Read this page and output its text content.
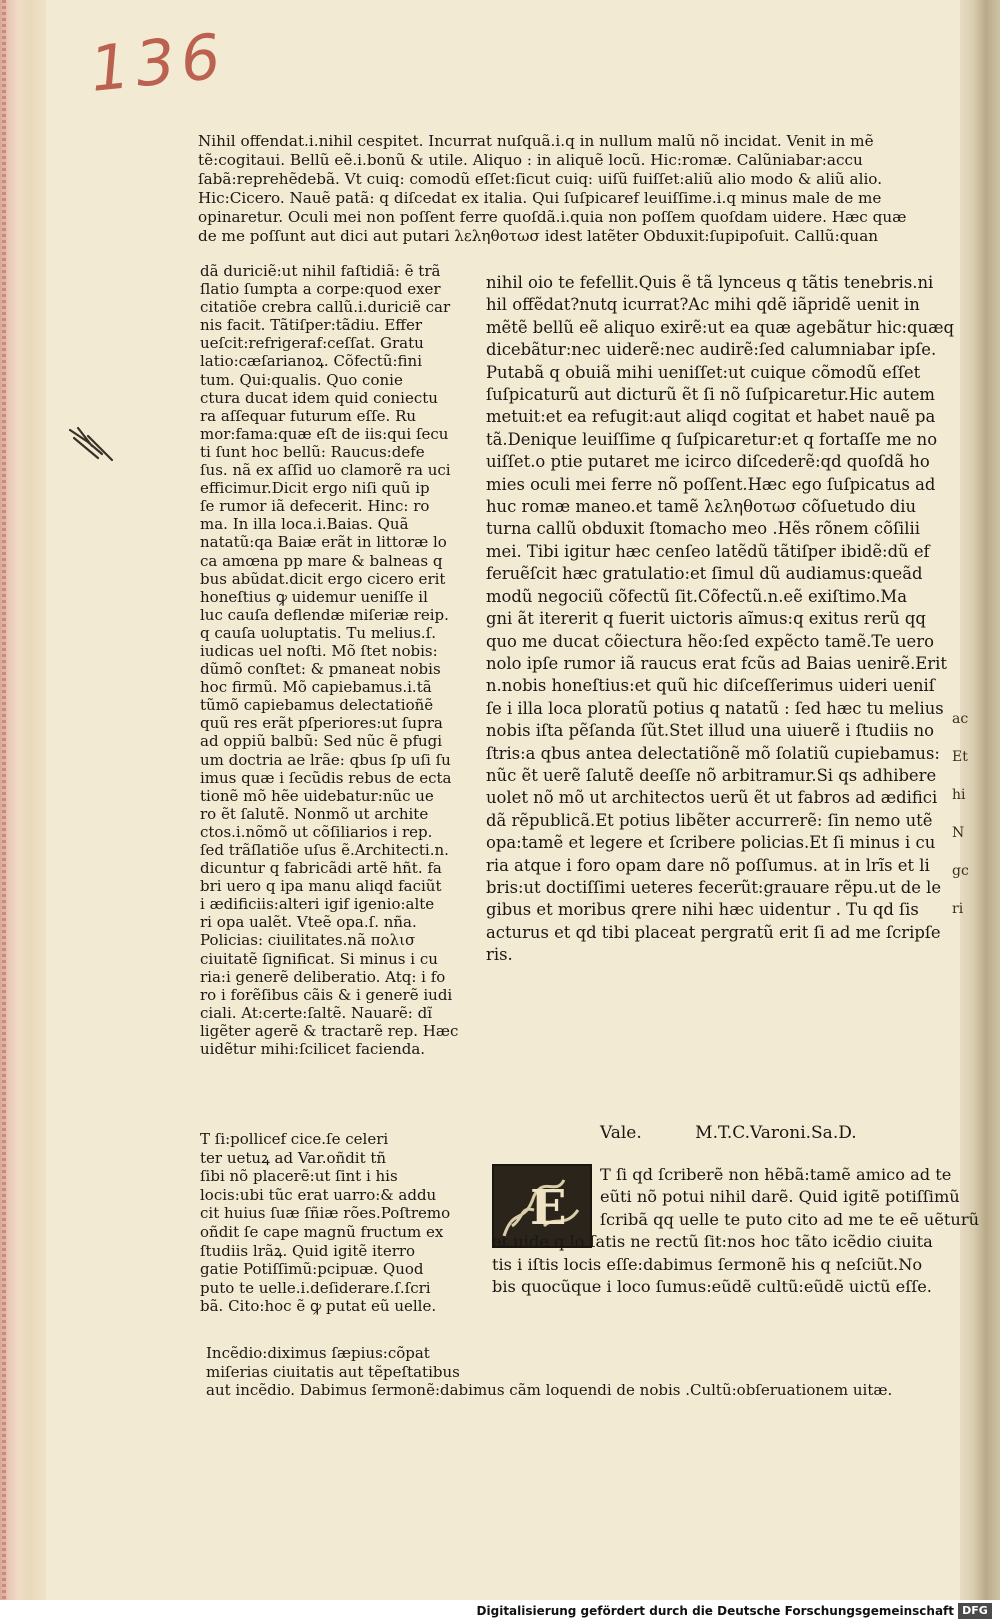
136
Nihil offendat.i.nihil cespitet. Incurrat nuſquã.i.q in nullum malũ nõ incidat. Venit in mẽ
tẽ:cogitaui. Bellũ eẽ.i.bonũ & utile. Aliquo : in aliquẽ locũ. Hic:romæ. Calũniabar:accu
ſabã:reprehẽdebã. Vt cuiq: comodũ eſſet:ſicut cuiq: uiſũ fuiſſet:aliũ alio modo & aliũ alio.
Hic:Cicero. Nauẽ patã: q diſcedat ex italia. Qui ſuſpicaref leuiſſime.i.q minus male de me
opinaretur. Oculi mei non poſſent ferre quoſdã.i.quia non poſſem quoſdam uidere. Hæc quæ
de me poſſunt aut dici aut putari λεληθοτωσ idest latẽter Obduxit:ſupipoſuit. Callũ:quan
dã duriciẽ:ut nihil faſtidiã: ẽ trã
ſlatio ſumpta a corpe:quod exer
citatiõe crebra callũ.i.duriciẽ car
nis facit. Tãtiſper:tãdiu. Effer
ueſcit:refrigeraf:ceſſat. Gratu
latio:cæſarianoꝝ. Cõfectũ:fini
tum. Qui:qualis. Quo conie
ctura ducat idem quid coniectu
ra aſſequar futurum eſſe. Ru
mor:fama:quæ eſt de iis:qui ſecu
ti ſunt hoc bellũ: Raucus:defe
ſus. nã ex aſſid uo clamorẽ ra uci
efficimur.Dicit ergo niſi quũ ip
ſe rumor iã defecerit. Hinc: ro
ma. In illa loca.i.Baias. Quã
natatũ:qa Baiæ erãt in littoræ lo
ca amœna pp mare & balneas q
bus abũdat.dicit ergo cicero erit
honeſtius ꝙ uidemur ueniſſe il
luc cauſa deflendæ miſeriæ reip.
q cauſa uoluptatis. Tu melius.ſ.
iudicas uel noſti. Mõ ſtet nobis:
dũmõ conſtet: & pmaneat nobis
hoc firmũ. Mõ capiebamus.i.tã
tũmõ capiebamus delectatioñẽ
quũ res erãt pſperiores:ut ſupra
ad oppiũ balbũ: Sed nũc ẽ pfugi
um doctria ae lrãe: qbus ſp uſi ſu
imus quæ i ſecũdis rebus de ecta
tionẽ mõ hẽe uidebatur:nũc ue
ro ẽt ſalutẽ. Nonmõ ut archite
ctos.i.nõmõ ut cõſiliarios i rep.
ſed trãſlatiõe uſus ẽ.Architecti.n.
dicuntur q fabricãdi artẽ hñt. fa
bri uero q ipa manu aliqd faciũt
i ædificiis:alteri igif igenio:alte
ri opa ualẽt. Vteẽ opa.ſ. nña.
Policias: ciuilitates.nã πολισ
ciuitatẽ ſignificat. Si minus i cu
ria:i generẽ deliberatio. Atq: i fo
ro i forẽſibus cãis & i generẽ iudi
ciali. At:certe:ſaltẽ. Nauarẽ: dĩ
ligẽter agerẽ & tractarẽ rep. Hæc
uidẽtur mihi:ſcilicet facienda.
nihil oio te fefellit.Quis ẽ tã lynceus q tãtis tenebris.ni
hil offẽdat?nutq icurrat?Ac mihi qdẽ iãpridẽ uenit in
mẽtẽ bellũ eẽ aliquo exirẽ:ut ea quæ agebãtur hic:quæq
dicebãtur:nec uiderẽ:nec audirẽ:ſed calumniabar ipſe.
Putabã q obuiã mihi ueniſſet:ut cuique cõmodũ eſſet
ſuſpicaturũ aut dicturũ ẽt ſi nõ ſuſpicaretur.Hic autem
metuit:et ea refugit:aut aliqd cogitat et habet nauẽ pa
tã.Denique leuiſſime q ſuſpicaretur:et q fortaſſe me no
uiſſet.o ptie putaret me icirco diſcederẽ:qd quoſdã ho
mies oculi mei ferre nõ poſſent.Hæc ego ſuſpicatus ad
huc romæ maneo.et tamẽ λεληθοτωσ cõſuetudo diu
turna callũ obduxit ſtomacho meo .Hẽs rõnem cõſilii
mei. Tibi igitur hæc cenſeo latẽdũ tãtiſper ibidẽ:dũ ef
feruẽſcit hæc gratulatio:et ſimul dũ audiamus:queãd
modũ negociũ cõfectũ ſit.Cõfectũ.n.eẽ exiſtimo.Ma
gni ãt itererit q fuerit uictoris aĩmus:q exitus rerũ qq
quo me ducat cõiectura hẽo:ſed expẽcto tamẽ.Te uero
nolo ipſe rumor iã raucus erat fcũs ad Baias uenirẽ.Erit
n.nobis honeſtius:et quũ hic diſceſſerimus uideri ueniſ
ſe i illa loca ploratũ potius q natatũ : ſed hæc tu melius
nobis iſta pẽſanda ſũt.Stet illud una uiuerẽ i ſtudiis no
ſtris:a qbus antea delectatiõnẽ mõ ſolatiũ cupiebamus:
nũc ẽt uerẽ ſalutẽ deeſſe nõ arbitramur.Si qs adhibere
uolet nõ mõ ut architectos uerũ ẽt ut fabros ad ædifici
dã rẽpublicã.Et potius libẽter accurrerẽ: ſin nemo utẽ
opa:tamẽ et legere et ſcribere policias.Et ſi minus i cu
ria atque i foro opam dare nõ poſſumus. at in lrĩs et li
bris:ut doctiſſimi ueteres fecerũt:grauare rẽpu.ut de le
gibus et moribus qrere nihi hæc uidentur . Tu qd ſis
acturus et qd tibi placeat pergratũ erit ſi ad me ſcripſe
ris.
T ſi:pollicef cice.ſe celeri
ter uetuꝝ ad Var.oñdit tñ
ſibi nõ placerẽ:ut ſint i his
locis:ubi tũc erat uarro:& addu
cit huius ſuæ ſñiæ rões.Poſtremo
oñdit ſe cape magnũ fructum ex
ſtudiis lrãꝝ. Quid igitẽ iterro
gatie Potiſſimũ:pcipuæ. Quod
puto te uelle.i.deſiderare.ſ.ſcri
bã. Cito:hoc ẽ ꝙ putat eũ uelle.
Vale.	M.T.C.Varoni.Sa.D.
E
T ſi qd ſcriberẽ non hẽbã:tamẽ amico ad te
eũti nõ potui nihil darẽ. Quid igitẽ potiſſimũ
ſcribã qq uelle te puto cito ad me te eẽ uẽturũ
et uide q lo ſatis ne rectũ ſit:nos hoc tãto icẽdio ciuita
tis i iſtis locis eſſe:dabimus ſermonẽ his q neſciũt.No
bis quocũque i loco ſumus:eũdẽ cultũ:eũdẽ uictũ eſſe.
Incẽdio:diximus ſæpius:cõpat
miſerias ciuitatis aut tẽpeſtatibus
aut incẽdio. Dabimus ſermonẽ:dabimus cãm loquendi de nobis .Cultũ:obſeruationem uitæ.
ac
Et
hi
N
gc
ri
Digitalisierung gefördert durch die Deutsche Forschungsgemeinschaft DFG
